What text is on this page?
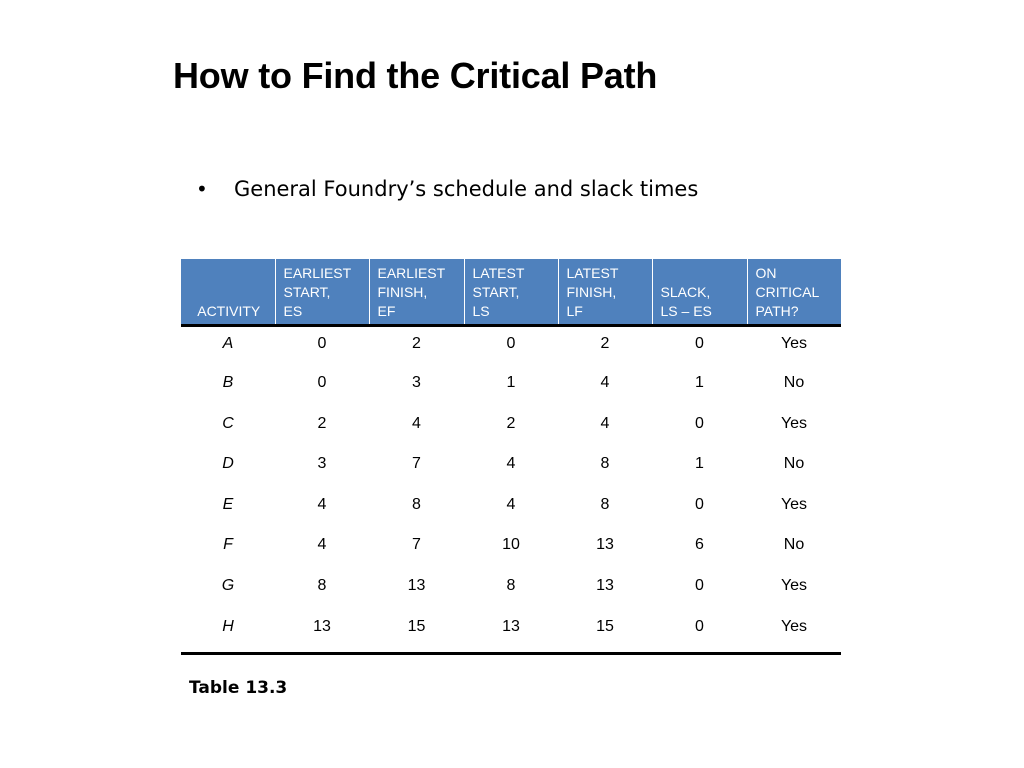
How to Find the Critical Path
• General Foundry’s schedule and slack times
ACTIVITY	EARLIEST
START,
ES	EARLIEST
FINISH,
EF	LATEST
START,
LS	LATEST
FINISH,
LF	SLACK,
LS – ES	ON
CRITICAL
PATH?
A	0	2	0	2	0	Yes
B	0	3	1	4	1	No
C	2	4	2	4	0	Yes
D	3	7	4	8	1	No
E	4	8	4	8	0	Yes
F	4	7	10	13	6	No
G	8	13	8	13	0	Yes
H	13	15	13	15	0	Yes
Table 13.3
